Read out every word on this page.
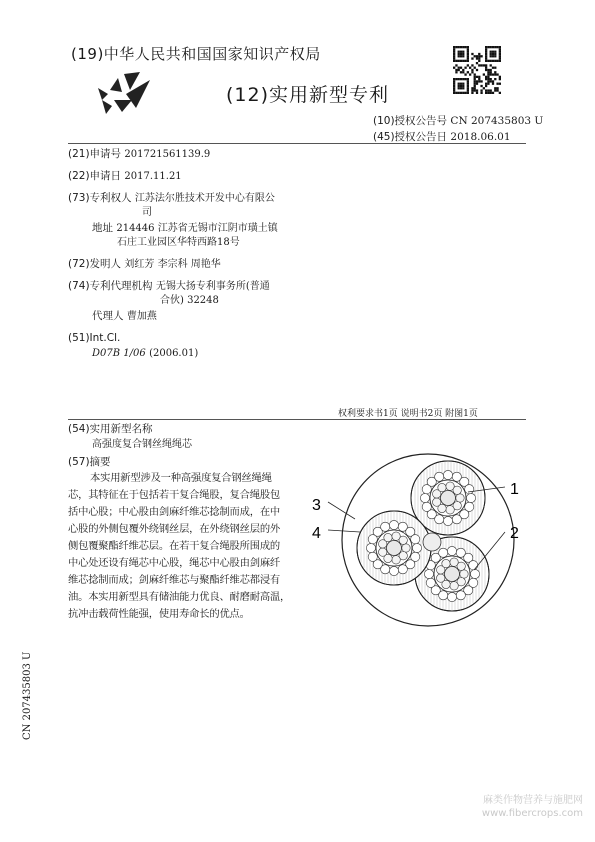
(19)中华人民共和国国家知识产权局
(12)实用新型专利
(10)授权公告号 CN 207435803 U
(45)授权公告日 2018.06.01
(21)申请号 201721561139.9
(22)申请日 2017.11.21
(73)专利权人 江苏法尔胜技术开发中心有限公
司
地址 214446 江苏省无锡市江阴市璜土镇
石庄工业园区华特西路18号
(72)发明人 刘红芳 李宗科 周艳华
(74)专利代理机构 无锡大扬专利事务所(普通
合伙) 32248
代理人 曹加燕
(51)Int.Cl.
D07B 1/06 (2006.01)
权利要求书1页 说明书2页 附图1页
(54)实用新型名称
高强度复合钢丝绳绳芯
(57)摘要
本实用新型涉及一种高强度复合钢丝绳绳
芯，其特征在于包括若干复合绳股，复合绳股包
括中心股；中心股由剑麻纤维芯捻制而成，在中
心股的外侧包覆外绕钢丝层，在外绕钢丝层的外
侧包覆聚酯纤维芯层。在若干复合绳股所围成的
中心处还设有绳芯中心股，绳芯中心股由剑麻纤
维芯捻制而成；剑麻纤维芯与聚酯纤维芯都浸有
油。本实用新型具有储油能力优良、耐磨耐高温，
抗冲击载荷性能强，使用寿命长的优点。
1
2
3
4
CN 207435803 U
麻类作物营养与施肥网
www.fibercrops.com
